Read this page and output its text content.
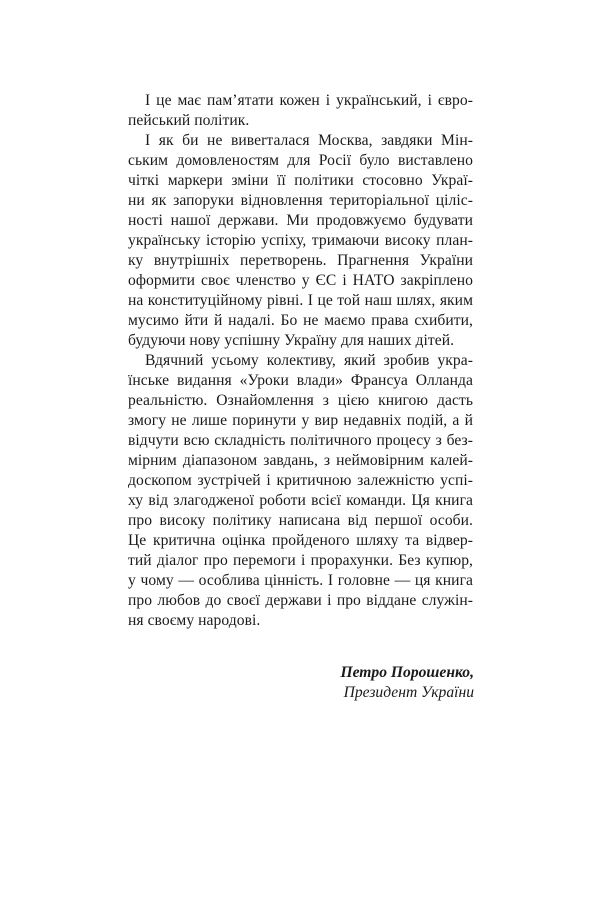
І це має пам’ятати кожен і український, і євро-
пейський політик.
І як би не вивerталася Москва, завдяки Мін-
ським домовленостям для Росії було виставлено
чіткі маркери зміни її політики стосовно Украї-
ни як запоруки відновлення територіальної ціліс-
ності нашої держави. Ми продовжуємо будувати
українську історію успіху, тримаючи високу план-
ку внутрішніх перетворень. Прагнення України
оформити своє членство у ЄС і НАТО закріплено
на конституційному рівні. І це той наш шлях, яким
мусимо йти й надалі. Бо не маємо права схибити,
будуючи нову успішну Україну для наших дітей.
Вдячний усьому колективу, який зробив укра-
їнське видання «Уроки влади» Франсуа Олланда
реальністю. Ознайомлення з цією книгою дасть
змогу не лише поринути у вир недавніх подій, а й
відчути всю складність політичного процесу з без-
мірним діапазоном завдань, з неймовірним калей-
доскопом зустрічей і критичною залежністю успі-
ху від злагодженої роботи всієї команди. Ця книга
про високу політику написана від першої особи.
Це критична оцінка пройденого шляху та відвер-
тий діалог про перемоги і прорахунки. Без купюр,
у чому — особлива цінність. І головне — ця книга
про любов до своєї держави і про віддане служін-
ня своєму народові.
Петро Порошенко,
Президент України
